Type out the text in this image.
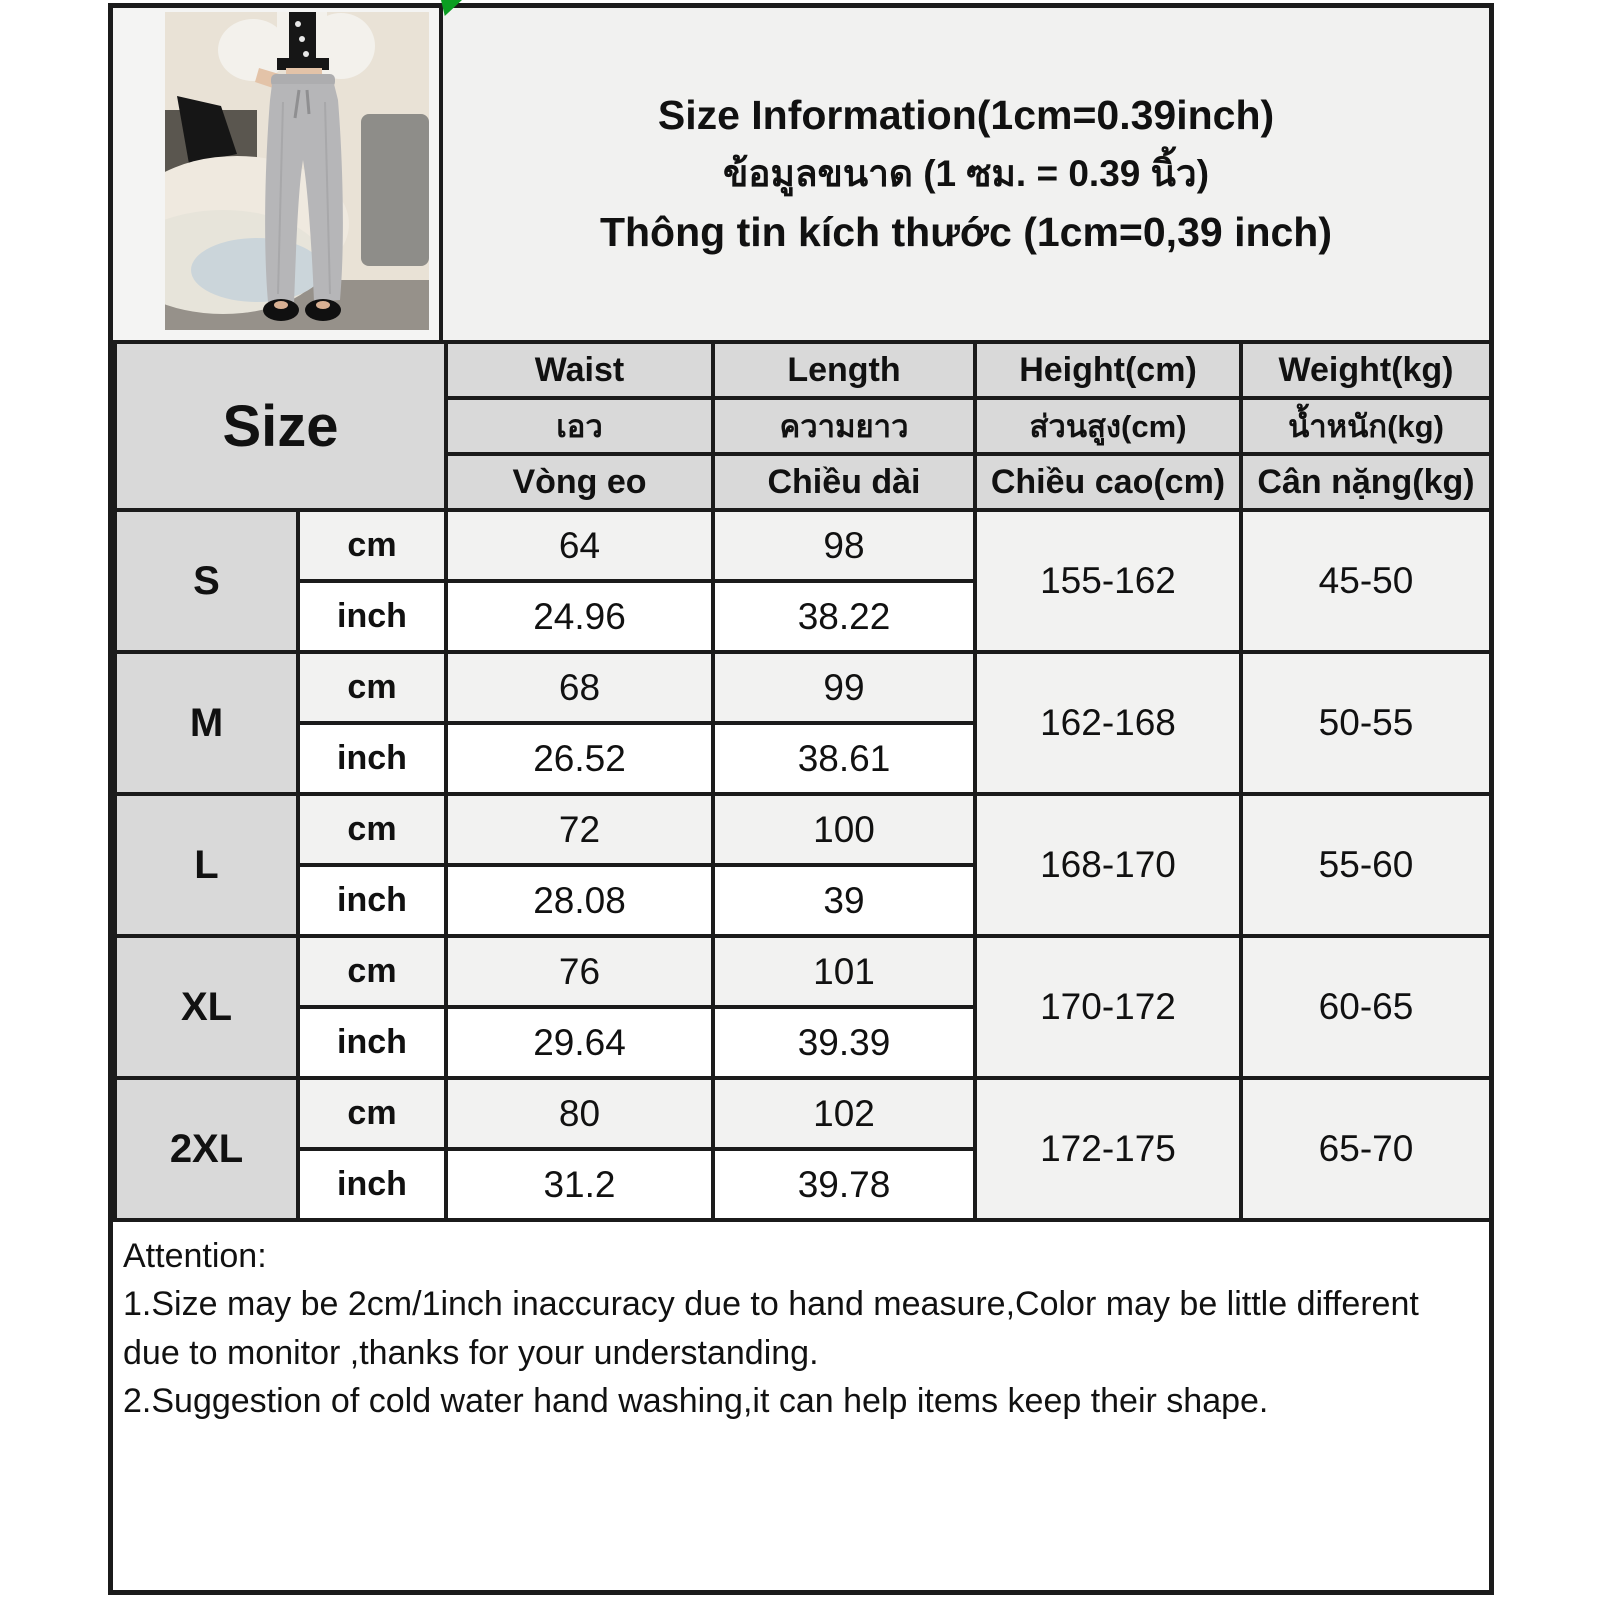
Size Information(1cm=0.39inch)
ข้อมูลขนาด (1 ซม. = 0.39 นิ้ว)
Thông tin kích thước (1cm=0,39 inch)
Size		Waist	Length	Height(cm)	Weight(kg)
		เอว	ความยาว	ส่วนสูง(cm)	น้ำหนัก(kg)
		Vòng eo	Chiều dài	Chiều cao(cm)	Cân nặng(kg)
S	cm	64	98	155-162	45-50
	inch	24.96	38.22		
M	cm	68	99	162-168	50-55
	inch	26.52	38.61		
L	cm	72	100	168-170	55-60
	inch	28.08	39		
XL	cm	76	101	170-172	60-65
	inch	29.64	39.39		
2XL	cm	80	102	172-175	65-70
	inch	31.2	39.78		

Attention:

1.Size may be 2cm/1inch inaccuracy due to hand measure,Color may be little different due to monitor ,thanks for your understanding.

2.Suggestion of cold water hand washing,it can help items keep their shape.
